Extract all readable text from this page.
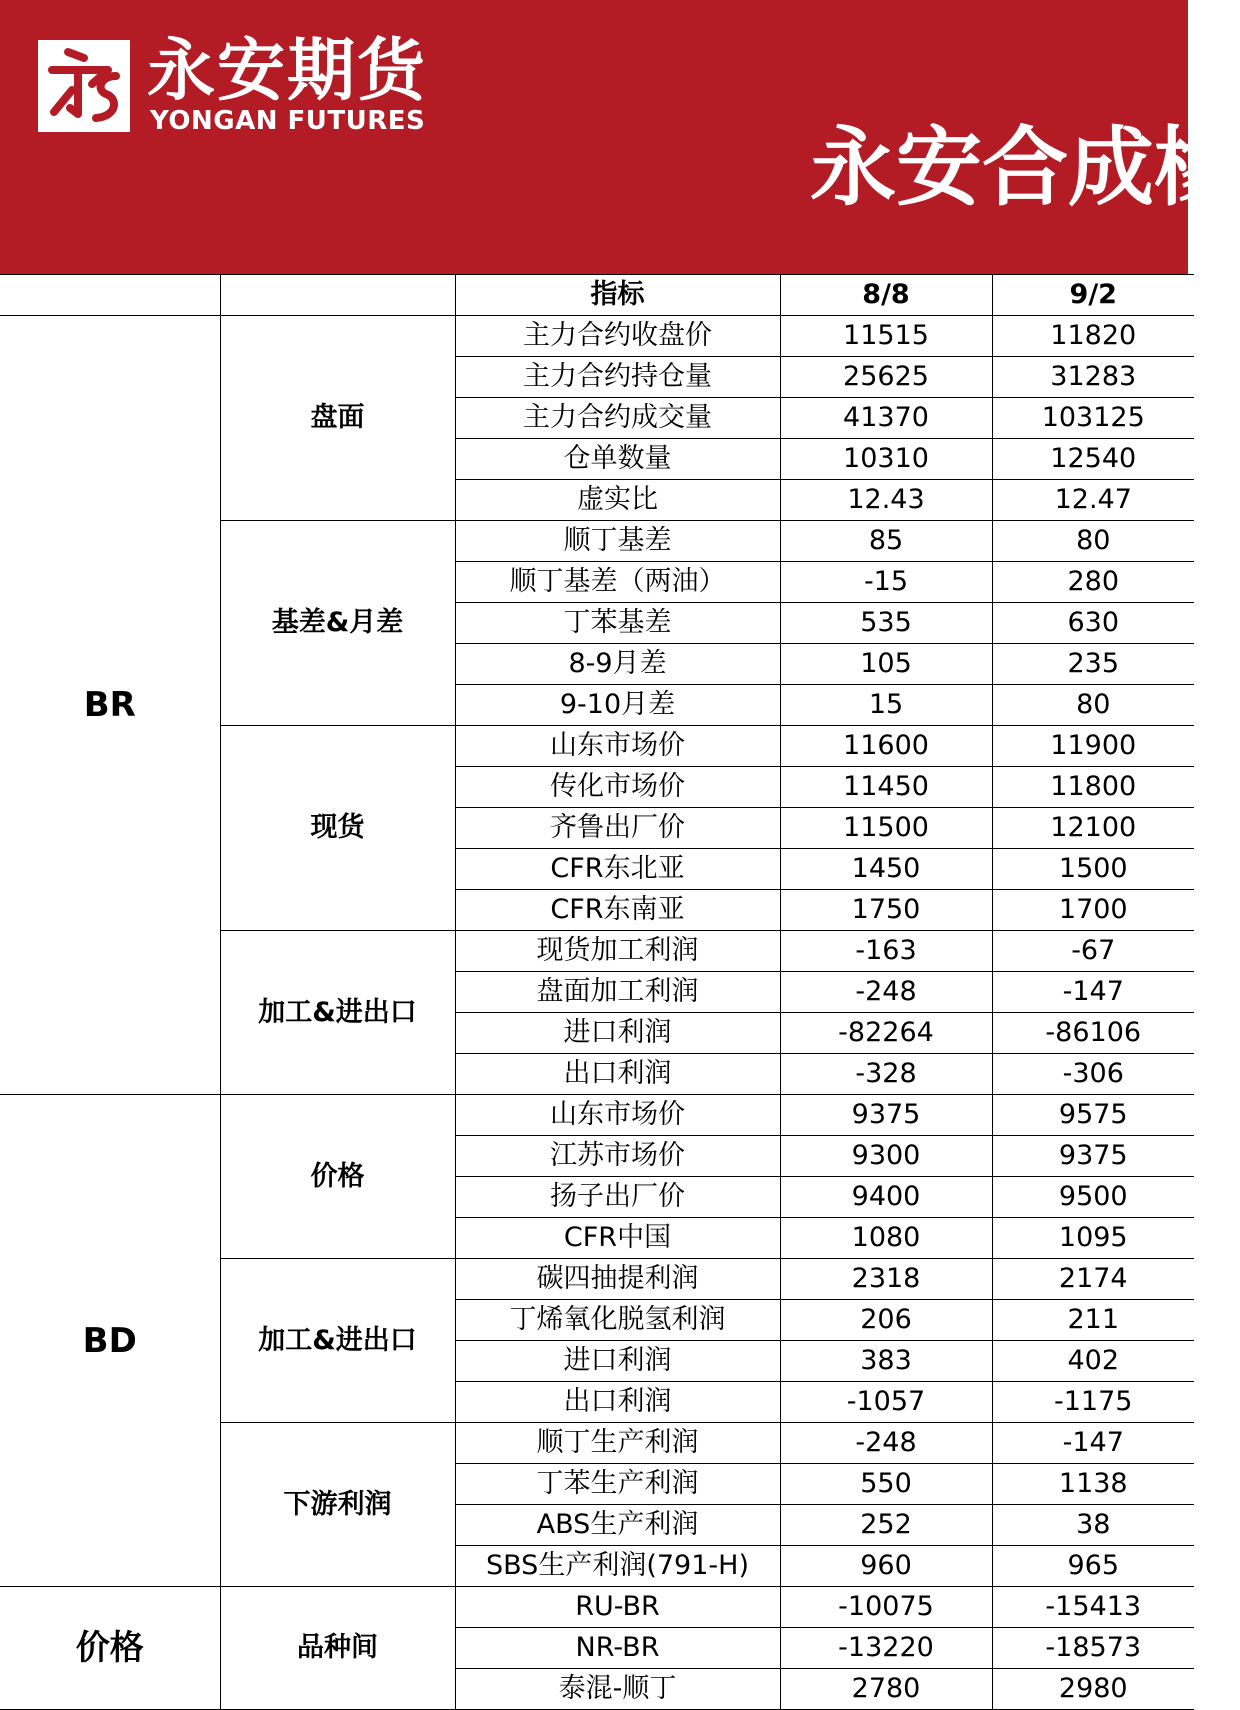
永安期货
YONGAN FUTURES	永安合成橡
		指标	8/8	9/2
BR	盘面	主力合约收盘价	11515	11820
		主力合约持仓量	25625	31283
		主力合约成交量	41370	103125
		仓单数量	10310	12540
		虚实比	12.43	12.47
	基差&月差	顺丁基差	85	80
		顺丁基差（两油）	-15	280
		丁苯基差	535	630
		8-9月差	105	235
		9-10月差	15	80
	现货	山东市场价	11600	11900
		传化市场价	11450	11800
		齐鲁出厂价	11500	12100
		CFR东北亚	1450	1500
		CFR东南亚	1750	1700
	加工&进出口	现货加工利润	-163	-67
		盘面加工利润	-248	-147
		进口利润	-82264	-86106
		出口利润	-328	-306
BD	价格	山东市场价	9375	9575
		江苏市场价	9300	9375
		扬子出厂价	9400	9500
		CFR中国	1080	1095
	加工&进出口	碳四抽提利润	2318	2174
		丁烯氧化脱氢利润	206	211
		进口利润	383	402
		出口利润	-1057	-1175
	下游利润	顺丁生产利润	-248	-147
		丁苯生产利润	550	1138
		ABS生产利润	252	38
		SBS生产利润(791-H)	960	965
价格	品种间	RU-BR	-10075	-15413
		NR-BR	-13220	-18573
		泰混-顺丁	2780	2980
